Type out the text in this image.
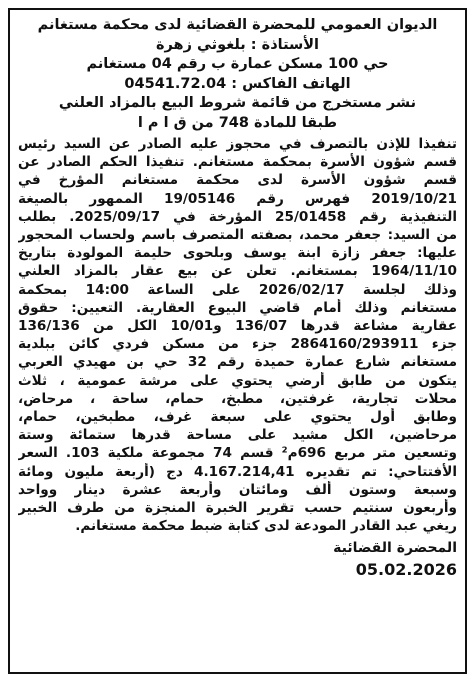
الديوان العمومي للمحضرة القضائية لدى محكمة مستغانم
الأستاذة : بلغوثي زهرة
حي 100 مسكن عمارة ب رقم 04 مستغانم
الهاتف الفاكس : 04541.72.04
نشر مستخرج من قائمة شروط البيع بالمزاد العلني
طبقا للمادة 748 من ق ا م ا
تنفيذا للإذن بالتصرف في محجوز عليه الصادر عن السيد رئيس
قسم شؤون الأسرة بمحكمة مستغانم. تنفيذا الحكم الصادر عن
قسم شؤون الأسرة لدى محكمة مستغانم المؤرخ في
2019/10/21 فهرس رقم 19/05146 الممهور بالصيغة
التنفيذية رقم 25/01458 المؤرخة في 2025/09/17. بطلب
من السيد: جعفر محمد، بصفته المتصرف باسم ولحساب المحجور
عليها: جعفر زازة ابنة يوسف وبلحوى حليمة المولودة بتاريخ
1964/11/10 بمستغانم. تعلن عن بيع عقار بالمزاد العلني
وذلك لجلسة 2026/02/17 على الساعة 14:00 بمحكمة
مستغانم وذلك أمام قاضي البيوع العقارية. التعيين: حقوق
عقارية مشاعة قدرها 136/07 و10/01 الكل من 136/136
جزء 2864160/293911 جزء من مسكن فردي كائن ببلدية
مستغانم شارع عمارة حميدة رقم 32 حي بن مهيدي العربي
يتكون من طابق أرضي يحتوي على مرشة عمومية ، ثلاث
محلات تجارية، غرفتين، مطبخ، حمام، ساحة ، مرحاض،
وطابق أول يحتوي على سبعة غرف، مطبخين، حمام،
مرحاضين، الكل مشيد على مساحة قدرها ستمائة وستة
وتسعين متر مربع 696م² قسم 74 مجموعة ملكية 103. السعر
الأفتتاحي: تم تقديره 4.167.214,41 دج (أربعة مليون ومائة
وسبعة وستون ألف ومائتان وأربعة عشرة دينار وواحد
وأربعون سنتيم حسب تقرير الخبرة المنجزة من طرف الخبير
ريغي عبد القادر المودعة لدى كتابة ضبط محكمة مستغانم.
المحضرة القضائية
05.02.2026
